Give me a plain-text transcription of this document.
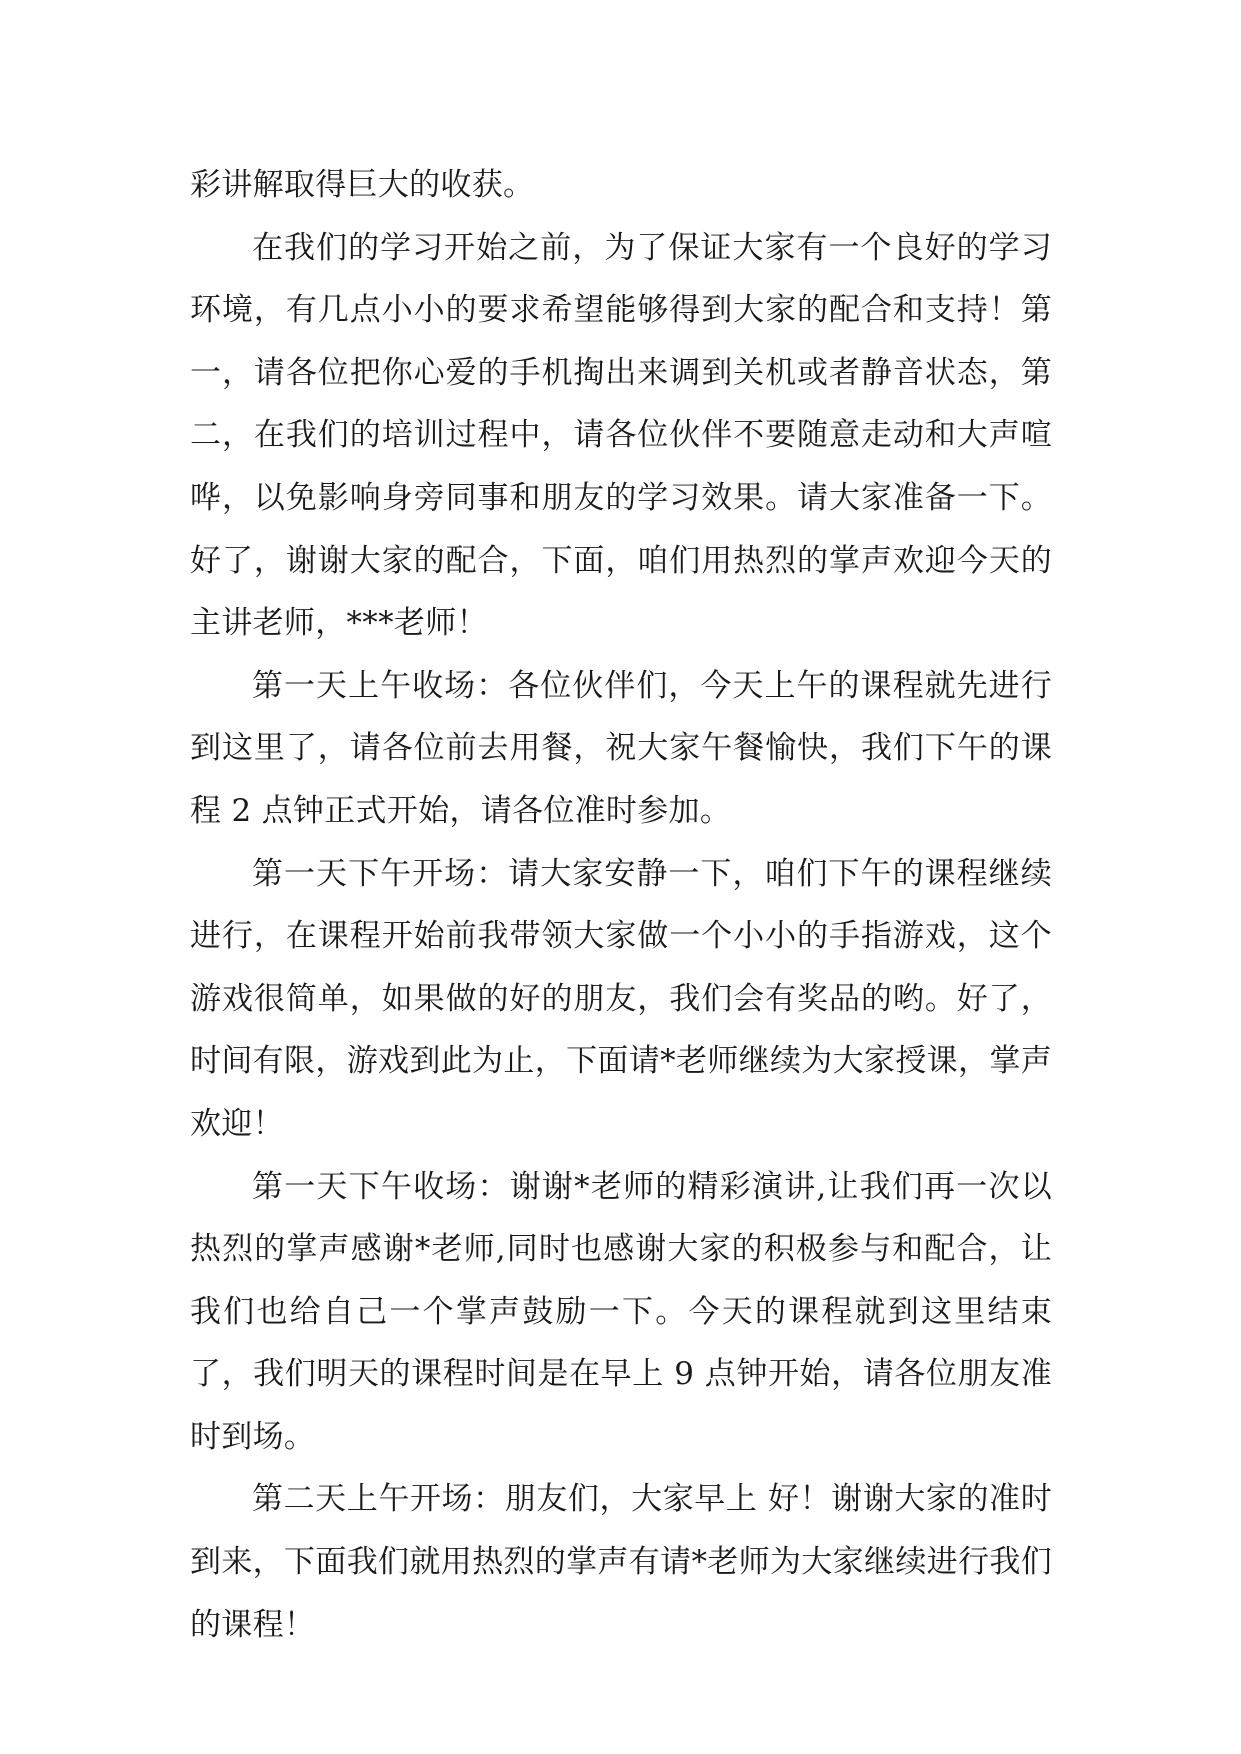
彩讲解取得巨大的收获。

在我们的学习开始之前，为了保证大家有一个良好的学习环境，有几点小小的要求希望能够得到大家的配合和支持！第一，请各位把你心爱的手机掏出来调到关机或者静音状态，第二，在我们的培训过程中，请各位伙伴不要随意走动和大声喧哗，以免影响身旁同事和朋友的学习效果。请大家准备一下。好了，谢谢大家的配合，下面，咱们用热烈的掌声欢迎今天的主讲老师，***老师！

第一天上午收场：各位伙伴们，今天上午的课程就先进行到这里了，请各位前去用餐，祝大家午餐愉快，我们下午的课程 2 点钟正式开始，请各位准时参加。

第一天下午开场：请大家安静一下，咱们下午的课程继续进行，在课程开始前我带领大家做一个小小的手指游戏，这个游戏很简单，如果做的好的朋友，我们会有奖品的哟。好了，时间有限，游戏到此为止，下面请*老师继续为大家授课，掌声欢迎！

第一天下午收场：谢谢*老师的精彩演讲,让我们再一次以热烈的掌声感谢*老师,同时也感谢大家的积极参与和配合，让我们也给自己一个掌声鼓励一下。今天的课程就到这里结束了，我们明天的课程时间是在早上 9 点钟开始，请各位朋友准时到场。

第二天上午开场：朋友们，大家早上 好！谢谢大家的准时到来，下面我们就用热烈的掌声有请*老师为大家继续进行我们的课程！
